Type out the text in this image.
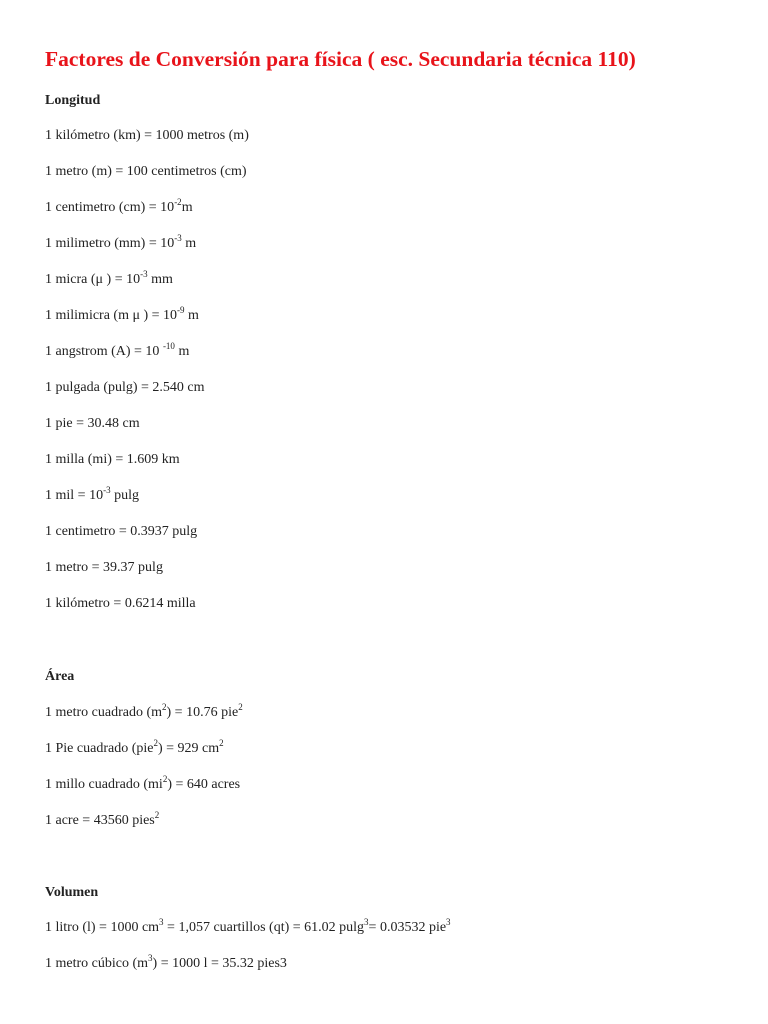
Factores de Conversión para física ( esc. Secundaria técnica 110)
Longitud
1 kilómetro (km) = 1000 metros (m)
1 metro (m) = 100 centimetros (cm)
1 centimetro $(cm) = 10^{-2}m$
1 milimetro $(mm) = 10^{-3}$ m
1 micra (μ ) = $10^{-3}$ mm
1 milimicra (m μ ) = $10^{-9}$ m
1 angstrom (A) = 10 $^{-10}$ m
1 pulgada (pulg) = 2.540 cm
1 pie = 30.48 cm
1 milla (mi) = 1.609 km
1 mil = $10^{-3}$ pulg
1 centimetro = 0.3937 pulg
1 metro = 39.37 pulg
1 kilómetro = 0.6214 milla
Área
1 metro cuadrado $(m^2) = 10.76$ pie$^2$
1 Pie cuadrado (pie$^2$) = 929 $cm^2$
1 millo cuadrado $(mi^2) = 640$ acres
1 acre = 43560 pies$^2$
Volumen
1 litro (l) = 1000 $cm^3 = 1,057$ cuartillos (qt) = 61.02 pulg$^3$= 0.03532 pie$^3$
1 metro cúbico $(m^3) = 1000$ l = 35.32 pies3
